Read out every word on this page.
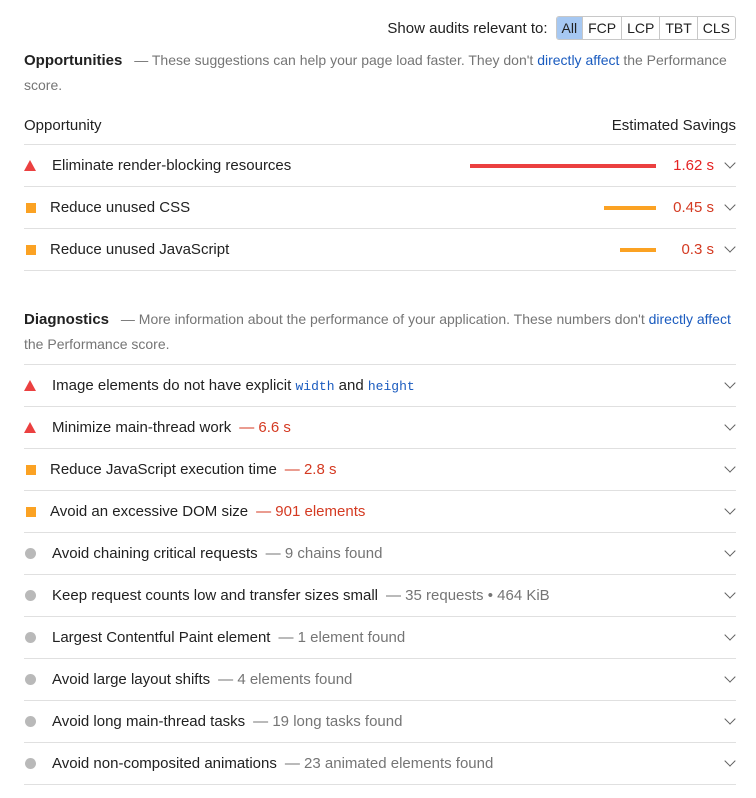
Show audits relevant to:	All FCP LCP TBT CLS
Opportunities — These suggestions can help your page load faster. They don't directly affect the Performance score.
Opportunity	Estimated Savings
Eliminate render-blocking resources	1.62 s
Reduce unused CSS	0.45 s
Reduce unused JavaScript	0.3 s
Diagnostics — More information about the performance of your application. These numbers don't directly affect the Performance score.
Image elements do not have explicit width and height
Minimize main-thread work — 6.6 s
Reduce JavaScript execution time — 2.8 s
Avoid an excessive DOM size — 901 elements
Avoid chaining critical requests — 9 chains found
Keep request counts low and transfer sizes small — 35 requests • 464 KiB
Largest Contentful Paint element — 1 element found
Avoid large layout shifts — 4 elements found
Avoid long main-thread tasks — 19 long tasks found
Avoid non-composited animations — 23 animated elements found
